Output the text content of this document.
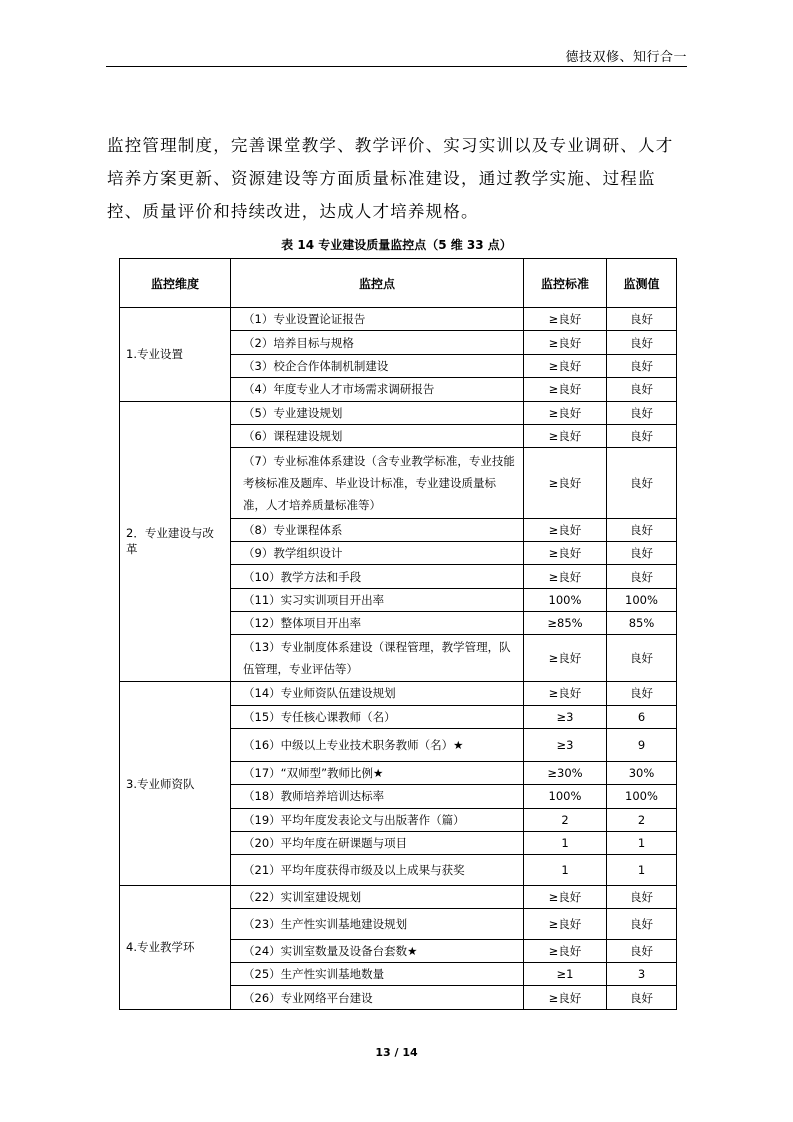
德技双修、知行合一

监控管理制度，完善课堂教学、教学评价、实习实训以及专业调研、人才培养方案更新、资源建设等方面质量标准建设，通过教学实施、过程监控、质量评价和持续改进，达成人才培养规格。

表 14 专业建设质量监控点（5 维 33 点）
监控维度	监控点	监控标准	监测值
1.专业设置	（1）专业设置论证报告	≥良好	良好
	（2）培养目标与规格	≥良好	良好
	（3）校企合作体制机制建设	≥良好	良好
	（4）年度专业人才市场需求调研报告	≥良好	良好
2．专业建设与改革	（5）专业建设规划	≥良好	良好
	（6）课程建设规划	≥良好	良好
	（7）专业标准体系建设（含专业教学标准，专业技能考核标准及题库、毕业设计标准，专业建设质量标准，人才培养质量标准等）	≥良好	良好
	（8）专业课程体系	≥良好	良好
	（9）教学组织设计	≥良好	良好
	（10）教学方法和手段	≥良好	良好
	（11）实习实训项目开出率	100%	100%
	（12）整体项目开出率	≥85%	85%
	（13）专业制度体系建设（课程管理，教学管理，队伍管理，专业评估等）	≥良好	良好
3.专业师资队	（14）专业师资队伍建设规划	≥良好	良好
	（15）专任核心课教师（名）	≥3	6
	（16）中级以上专业技术职务教师（名）★	≥3	9
	（17）“双师型”教师比例★	≥30%	30%
	（18）教师培养培训达标率	100%	100%
	（19）平均年度发表论文与出版著作（篇）	2	2
	（20）平均年度在研课题与项目	1	1
	（21）平均年度获得市级及以上成果与获奖	1	1
4.专业教学环	（22）实训室建设规划	≥良好	良好
	（23）生产性实训基地建设规划	≥良好	良好
	（24）实训室数量及设备台套数★	≥良好	良好
	（25）生产性实训基地数量	≥1	3
	（26）专业网络平台建设	≥良好	良好
13 / 14
